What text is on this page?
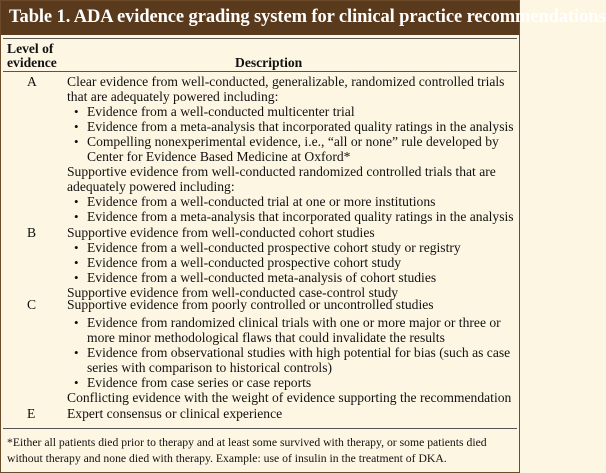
Table 1. ADA evidence grading system for clinical practice recommendations
Level of
evidence	Description
A
B
C
E
Clear evidence from well-conducted, generalizable, randomized controlled trials
that are adequately powered including:
• Evidence from a well-conducted multicenter trial
• Evidence from a meta-analysis that incorporated quality ratings in the analysis
• Compelling nonexperimental evidence, i.e., “all or none” rule developed by
Center for Evidence Based Medicine at Oxford*
Supportive evidence from well-conducted randomized controlled trials that are
adequately powered including:
• Evidence from a well-conducted trial at one or more institutions
• Evidence from a meta-analysis that incorporated quality ratings in the analysis
Supportive evidence from well-conducted cohort studies
• Evidence from a well-conducted prospective cohort study or registry
• Evidence from a well-conducted prospective cohort study
• Evidence from a well-conducted meta-analysis of cohort studies
Supportive evidence from well-conducted case-control study
Supportive evidence from poorly controlled or uncontrolled studies
• Evidence from randomized clinical trials with one or more major or three or
more minor methodological flaws that could invalidate the results
• Evidence from observational studies with high potential for bias (such as case
series with comparison to historical controls)
• Evidence from case series or case reports
Conflicting evidence with the weight of evidence supporting the recommendation
Expert consensus or clinical experience
*Either all patients died prior to therapy and at least some survived with therapy, or some patients died
without therapy and none died with therapy. Example: use of insulin in the treatment of DKA.
